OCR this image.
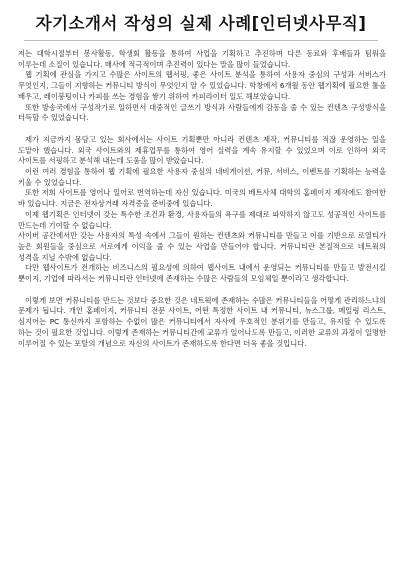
자기소개서 작성의 실제 사례[인터넷사무직]

저는 대학시절부터 봉사활동, 학생회 활동을 통하여 사업을 기획하고 추진하며 다른 동료와 후배들과 팀워을 이루는데 소질이 있습니다. 매사에 적극적이며 추진력이 있다는 말을 많이 들었습니다.

웹 기획에 관심을 가지고 수많은 사이트의 웹서핑, 좋은 사이트 분석을 통하여 사용자 중심의 구성과 서비스가 무엇인지, 그들이 지향하는 커뮤니티 방식이 무엇인지 알 수 있었습니다. 학창에서 6개월 동안 웹기획에 필요한 툴을 배우고, 레이붕팅이나 카피를 쓰는 경험을 쌓기 위하여 카피라이터 일도 해보았습니다.

또한 방송국에서 구성작가로 일하면서 대중적인 글쓰기 방식과 사람들에게 감동을 줄 수 있는 컨텐츠 구성방식을 터득할 수 있었습니다.

제가 지금까지 몸담고 있는 회사에서는 사이트 기획뿐만 아니라 컨텐츠 제작, 커뮤니티를 적잖 운영하는 일을 도맡아 했습니다. 외국 사이트와의 제휴업무를 통하여 영어 실력을 계속 유지할 수 있었으며 이로 인하여 외국 사이트를 서핑하고 분석해 내는데 도움을 많이 받았습니다.

이런 여러 경험을 통하여 웹 기획에 필요한 사용자 중심의 네비게이션, 커뮤, 서비스, 이벤트를 기획하는 능력을 키울 수 있었습니다.

또한 저희 사이트를 영어나 일어로 번역하는데 자신 있습니다. 미국의 베트사체 대학의 홈페이지 제작에도 참여한 바 있습니다. 지금은 전자상거래 자격증을 준비중에 있습니다.

이제 웹기획은 인터넷이 갖는 특수한 조건과 환경, 사용자들의 욕구를 제대로 파악하지 않고도 성공적인 사이트를 만드는데 기여할 수 없습니다.

사이버 공간에서만 갖는 사용자의 특성 속에서 그들이 원하는 컨텐츠와 커뮤니티를 만들고 이를 기반으로 로열티가 높은 회원들을 중심으로 서로에게 이익을 줄 수 있는 사업을 만들어야 합니다. 커뮤니티란 본질적으로 네트웍의 성격을 지닐 수밖에 없습니다.

다만 웹사이트가 전개하는 비즈니스의 필요성에 의하여 웹사이트 내에서 운영되는 커뮤니티를 만들고 발전시킬 뿐이지, 기업에 따라서는 커뮤니티란 인터넷에 존재하는 수많은 사람들의 모임체일 뿐이라고 생각합니다.

이렇게 보면 커뮤니티를 만드는 것보다 중요한 것은 네트웍에 존재하는 수많은 커뮤니티들을 어떻게 관리하느냐의 문제가 됩니다. 개인 홈페이지, 커뮤니티 전문 사이트, 어떤 특정한 사이트 내 커뮤니티, 뉴스그룹, 메일링 리스트, 심지어는 PC 통신까지 포함하는 수없이 많은 커뮤니티에서 자사에 우호적인 분위기를 만들고, 유지할 수 있도록 하는 것이 필요한 것입니다. 이렇게 존재하는 커뮤니티간에 교류가 일어나도록 만들고, 이러한 교류의 과정이 일명한 이루어질 수 있는 포탈의 개념으로 자신의 사이트가 존재하도록 한다면 더욱 좋을 것입니다.
